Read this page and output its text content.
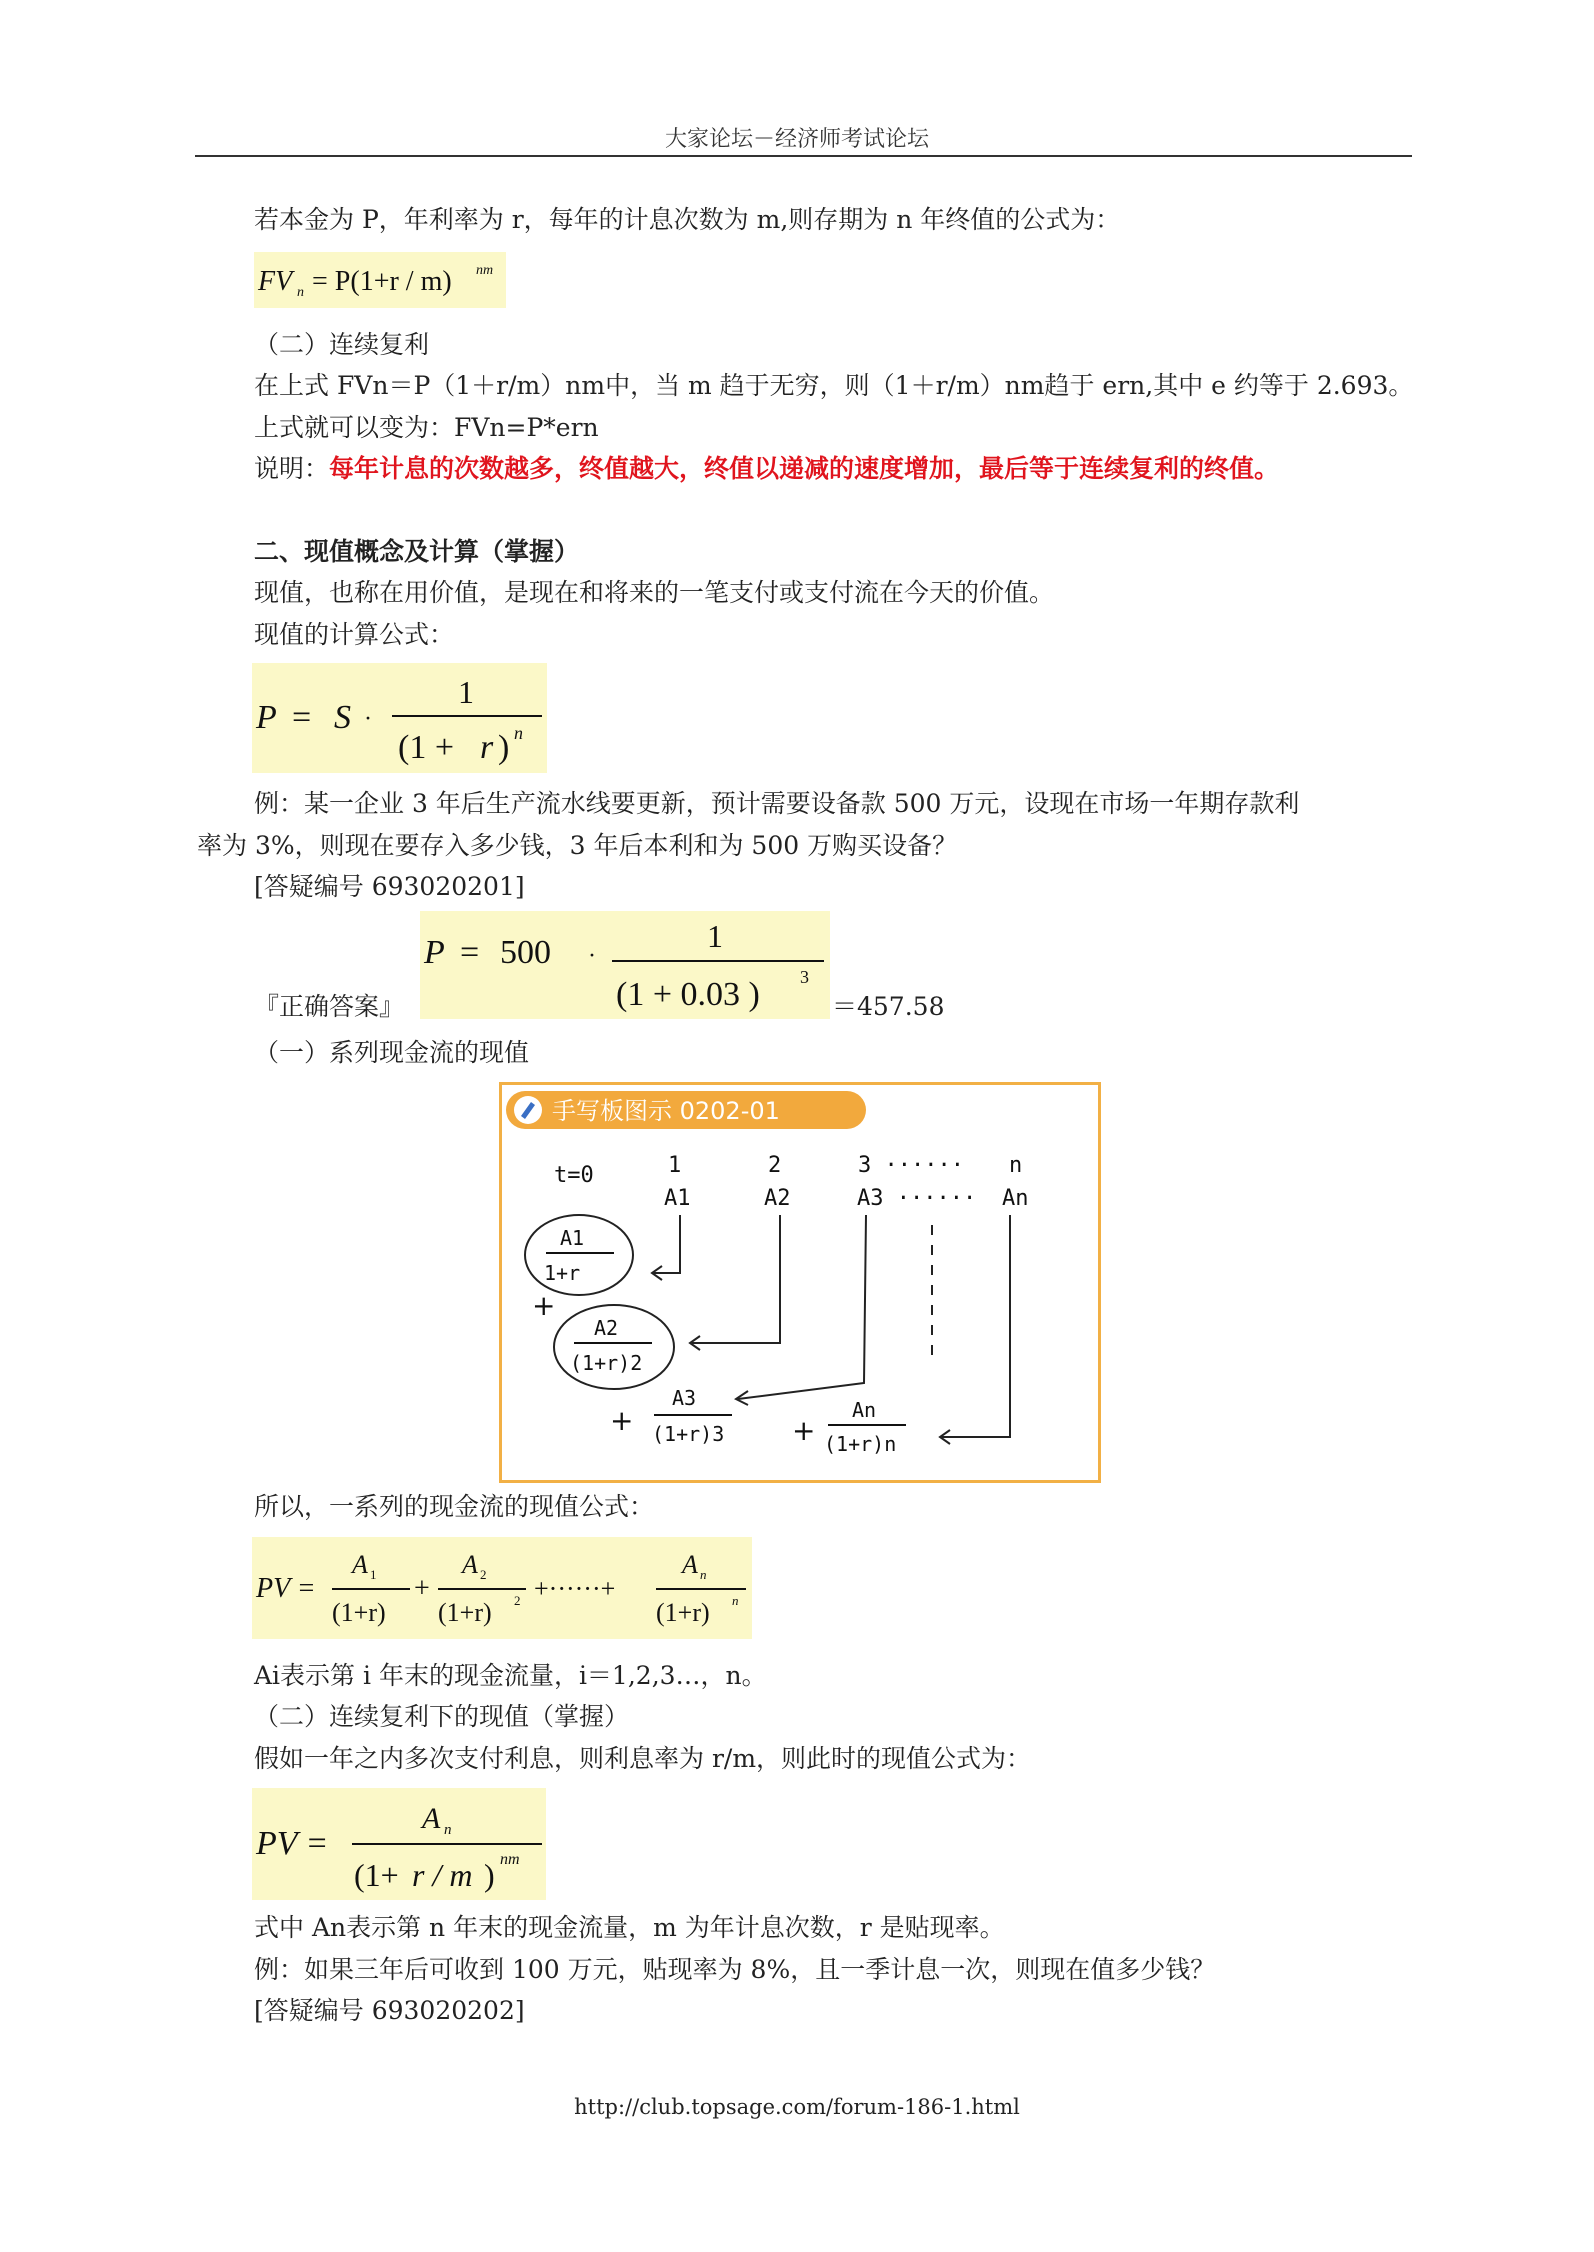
大家论坛－经济师考试论坛
若本金为 P，年利率为 r，每年的计息次数为 m,则存期为 n 年终值的公式为：
FV n = P(1+r / m) nm
（二）连续复利
在上式 FVn＝P（1＋r/m）nm中，当 m 趋于无穷，则（1＋r/m）nm趋于 ern,其中 e 约等于 2.693。
上式就可以变为：FVn=P*ern
说明：每年计息的次数越多，终值越大，终值以递减的速度增加，最后等于连续复利的终值。
二、现值概念及计算（掌握）
现值，也称在用价值，是现在和将来的一笔支付或支付流在今天的价值。
现值的计算公式：
P = S ·
1
(1 + r ) n
例：某一企业 3 年后生产流水线要更新，预计需要设备款 500 万元，设现在市场一年期存款利
率为 3%，则现在要存入多少钱，3 年后本利和为 500 万购买设备？
[答疑编号 693020201]
P = 500 ·
1
(1 + 0.03 ) 3
『正确答案』	＝457.58
（一）系列现金流的现值
手写板图示 0202-01
t=0	1	2	3 ······ n
A1	A2	A3 ······ An
A1
1+r
+
A2
(1+r)2
+
A3
(1+r)3 +
An
(1+r)n
所以，一系列的现金流的现值公式：
PV =
A 1
(1+r)
+
A 2
(1+r) 2 +······+
A n
(1+r) n
Ai表示第 i 年末的现金流量，i＝1,2,3…，n。
（二）连续复利下的现值（掌握）
假如一年之内多次支付利息，则利息率为 r/m，则此时的现值公式为：
PV =
A n
(1+ r / m ) nm
式中 An表示第 n 年末的现金流量，m 为年计息次数，r 是贴现率。
例：如果三年后可收到 100 万元，贴现率为 8%，且一季计息一次，则现在值多少钱？
[答疑编号 693020202]
http://club.topsage.com/forum-186-1.html
